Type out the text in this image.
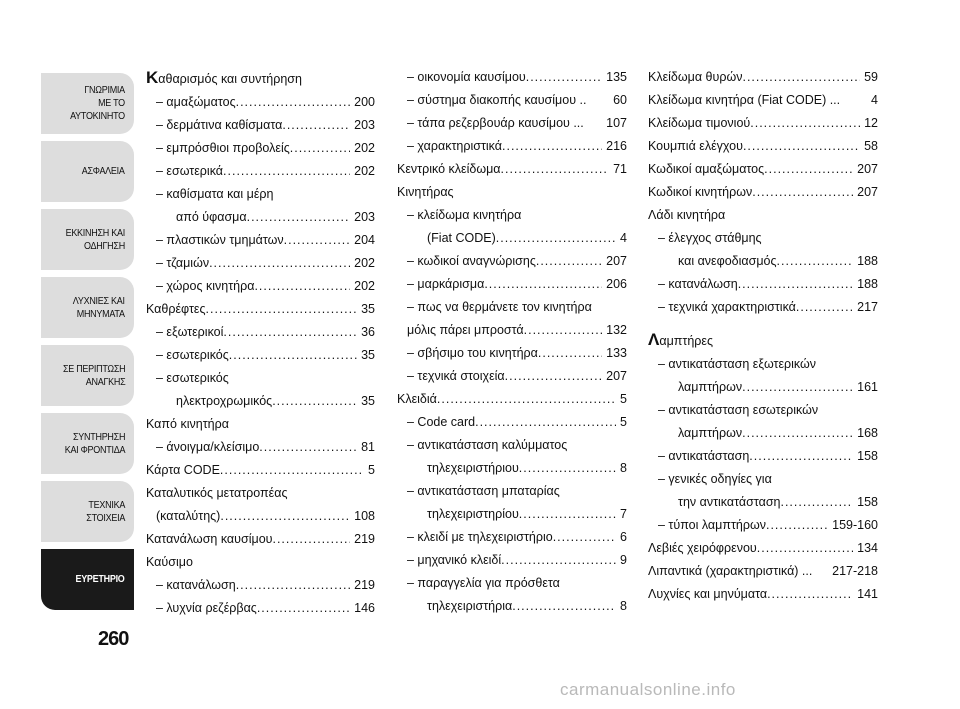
ΓΝΩΡΙΜΙΑ
ΜΕ ΤΟ
ΑΥΤΟΚΙΝΗΤΟ
ΑΣΦΑΛΕΙΑ
ΕΚΚΙΝΗΣΗ ΚΑΙ
ΟΔΗΓΗΣΗ
ΛΥΧΝΙΕΣ ΚΑΙ
ΜΗΝΥΜΑΤΑ
ΣΕ ΠΕΡΙΠΤΩΣΗ
ΑΝΑΓΚΗΣ
ΣΥΝΤΗΡΗΣΗ
ΚΑΙ ΦΡΟΝΤΙΔΑ
ΤΕΧΝΙΚΑ
ΣΤΟΙΧΕΙΑ
ΕΥΡΕΤΗΡΙΟ
260
Καθαρισμός και συντήρηση
– αμαξώματος .....	200
– δερμάτινα καθίσματα .....	203
– εμπρόσθιοι προβολείς .....	202
– εσωτερικά .....	202
– καθίσματα και μέρη
από ύφασμα .....	203
– πλαστικών τμημάτων .....	204
– τζαμιών .....	202
– χώρος κινητήρα .....	202
Καθρέφτες .....	35
– εξωτερικοί .....	36
– εσωτερικός .....	35
– εσωτερικός
ηλεκτροχρωμικός .....	35
Καπό κινητήρα
– άνοιγμα/κλείσιμο .....	81
Κάρτα CODE .....	5
Καταλυτικός μετατροπέας
(καταλύτης) .....	108
Κατανάλωση καυσίμου .....	219
Καύσιμο
– κατανάλωση .....	219
– λυχνία ρεζέρβας .....	146
– οικονομία καυσίμου .....	135
– σύστημα διακοπής καυσίμου ..	60
– τάπα ρεζερβουάρ καυσίμου ...	107
– χαρακτηριστικά .....	216
Κεντρικό κλείδωμα .....	71
Κινητήρας
– κλείδωμα κινητήρα
(Fiat CODE) .....	4
– κωδικοί αναγνώρισης .....	207
– μαρκάρισμα .....	206
– πως να θερμάνετε τον κινητήρα
μόλις πάρει μπροστά .....	132
– σβήσιμο του κινητήρα .....	133
– τεχνικά στοιχεία .....	207
Κλειδιά .....	5
– Code card .....	5
– αντικατάσταση καλύμματος
τηλεχειριστήριου .....	8
– αντικατάσταση μπαταρίας
τηλεχειριστηρίου .....	7
– κλειδί με τηλεχειριστήριο .....	6
– μηχανικό κλειδί .....	9
– παραγγελία για πρόσθετα
τηλεχειριστήρια .....	8
Κλείδωμα θυρών .....	59
Κλείδωμα κινητήρα (Fiat CODE) ...	4
Κλείδωμα τιμονιού .....	12
Κουμπιά ελέγχου .....	58
Κωδικοί αμαξώματος .....	207
Κωδικοί κινητήρων .....	207
Λάδι κινητήρα
– έλεγχος στάθμης
και ανεφοδιασμός .....	188
– κατανάλωση .....	188
– τεχνικά χαρακτηριστικά .....	217
Λαμπτήρες
– αντικατάσταση εξωτερικών
λαμπτήρων .....	161
– αντικατάσταση εσωτερικών
λαμπτήρων .....	168
– αντικατάσταση .....	158
– γενικές οδηγίες για
την αντικατάσταση .....	158
– τύποι λαμπτήρων .....	159-160
Λεβιές χειρόφρενου .....	134
Λιπαντικά (χαρακτηριστικά) ...	217-218
Λυχνίες και μηνύματα .....	141
carmanualsonline.info
